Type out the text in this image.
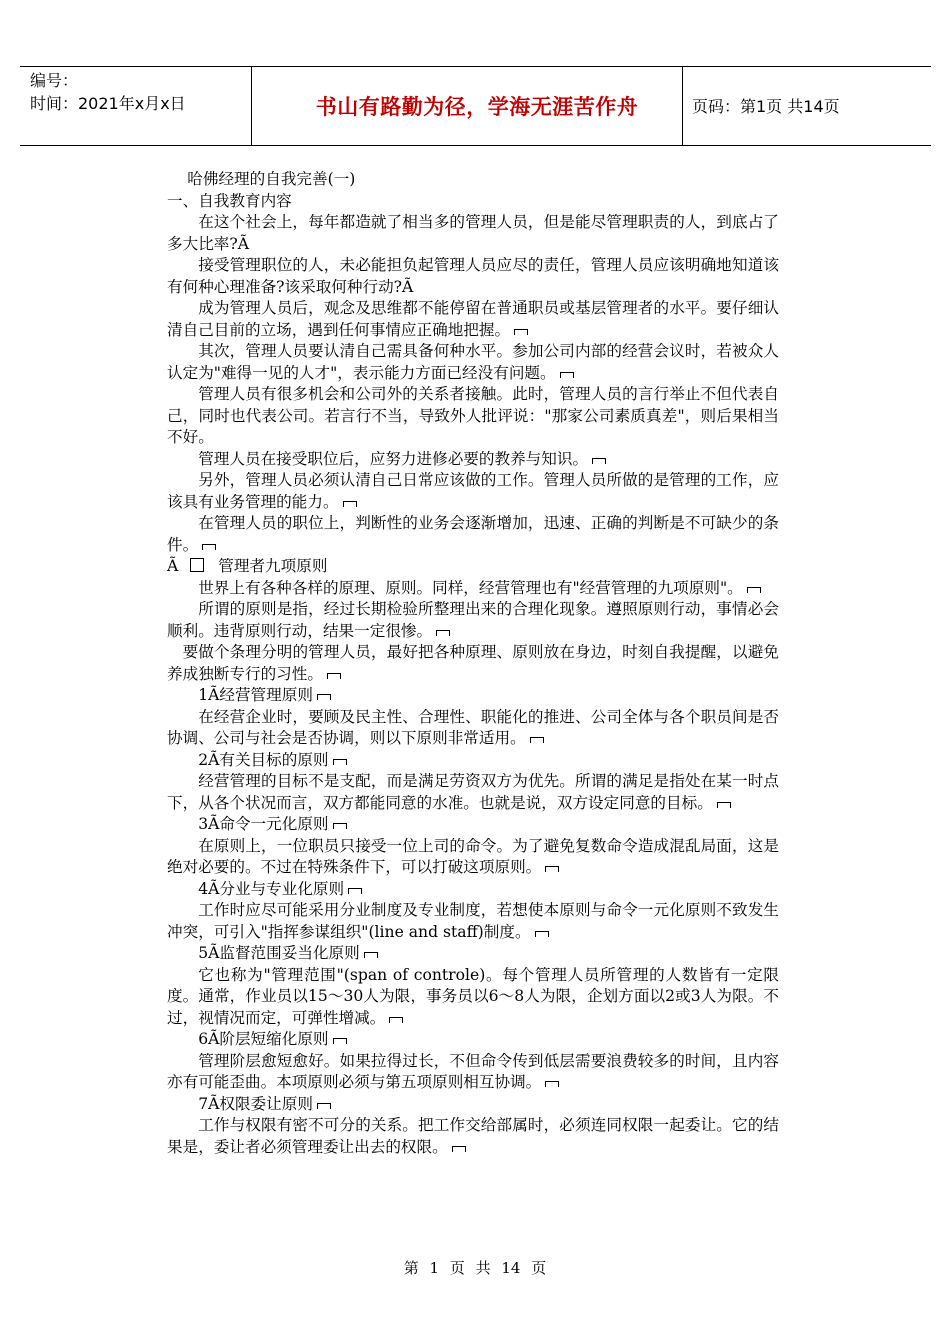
编号：
时间：2021年x月x日	书山有路勤为径，学海无涯苦作舟	页码：第1页 共14页

哈佛经理的自我完善(一)

一、自我教育内容

在这个社会上，每年都造就了相当多的管理人员，但是能尽管理职责的人，到底占了多大比率?Ã

接受管理职位的人，未必能担负起管理人员应尽的责任，管理人员应该明确地知道该有何种心理准备?该采取何种行动?Ã

成为管理人员后，观念及思维都不能停留在普通职员或基层管理者的水平。要仔细认清自己目前的立场，遇到任何事情应正确地把握。

其次，管理人员要认清自己需具备何种水平。参加公司内部的经营会议时，若被众人认定为"难得一见的人才"，表示能力方面已经没有问题。

管理人员有很多机会和公司外的关系者接触。此时，管理人员的言行举止不但代表自己，同时也代表公司。若言行不当，导致外人批评说："那家公司素质真差"，则后果相当不好。

管理人员在接受职位后，应努力进修必要的教养与知识。

另外，管理人员必须认清自己日常应该做的工作。管理人员所做的是管理的工作，应该具有业务管理的能力。

在管理人员的职位上，判断性的业务会逐渐增加，迅速、正确的判断是不可缺少的条件。

Ã	管理者九项原则

世界上有各种各样的原理、原则。同样，经营管理也有"经营管理的九项原则"。

所谓的原则是指，经过长期检验所整理出来的合理化现象。遵照原则行动，事情必会顺利。违背原则行动，结果一定很惨。

要做个条理分明的管理人员，最好把各种原理、原则放在身边，时刻自我提醒，以避免养成独断专行的习性。

1Ã经营管理原则

在经营企业时，要顾及民主性、合理性、职能化的推进、公司全体与各个职员间是否协调、公司与社会是否协调，则以下原则非常适用。

2Ã有关目标的原则

经营管理的目标不是支配，而是满足劳资双方为优先。所谓的满足是指处在某一时点下，从各个状况而言，双方都能同意的水准。也就是说，双方设定同意的目标。

3Ã命令一元化原则

在原则上，一位职员只接受一位上司的命令。为了避免复数命令造成混乱局面，这是绝对必要的。不过在特殊条件下，可以打破这项原则。

4Ã分业与专业化原则

工作时应尽可能采用分业制度及专业制度，若想使本原则与命令一元化原则不致发生冲突，可引入"指挥参谋组织"(line and staff)制度。

5Ã监督范围妥当化原则

它也称为"管理范围"(span of controle)。每个管理人员所管理的人数皆有一定限度。通常，作业员以15～30人为限，事务员以6～8人为限，企划方面以2或3人为限。不过，视情况而定，可弹性增减。

6Ã阶层短缩化原则

管理阶层愈短愈好。如果拉得过长，不但命令传到低层需要浪费较多的时间，且内容亦有可能歪曲。本项原则必须与第五项原则相互协调。

7Ã权限委让原则

工作与权限有密不可分的关系。把工作交给部属时，必须连同权限一起委让。它的结果是，委让者必须管理委让出去的权限。

第 1 页 共 14 页
